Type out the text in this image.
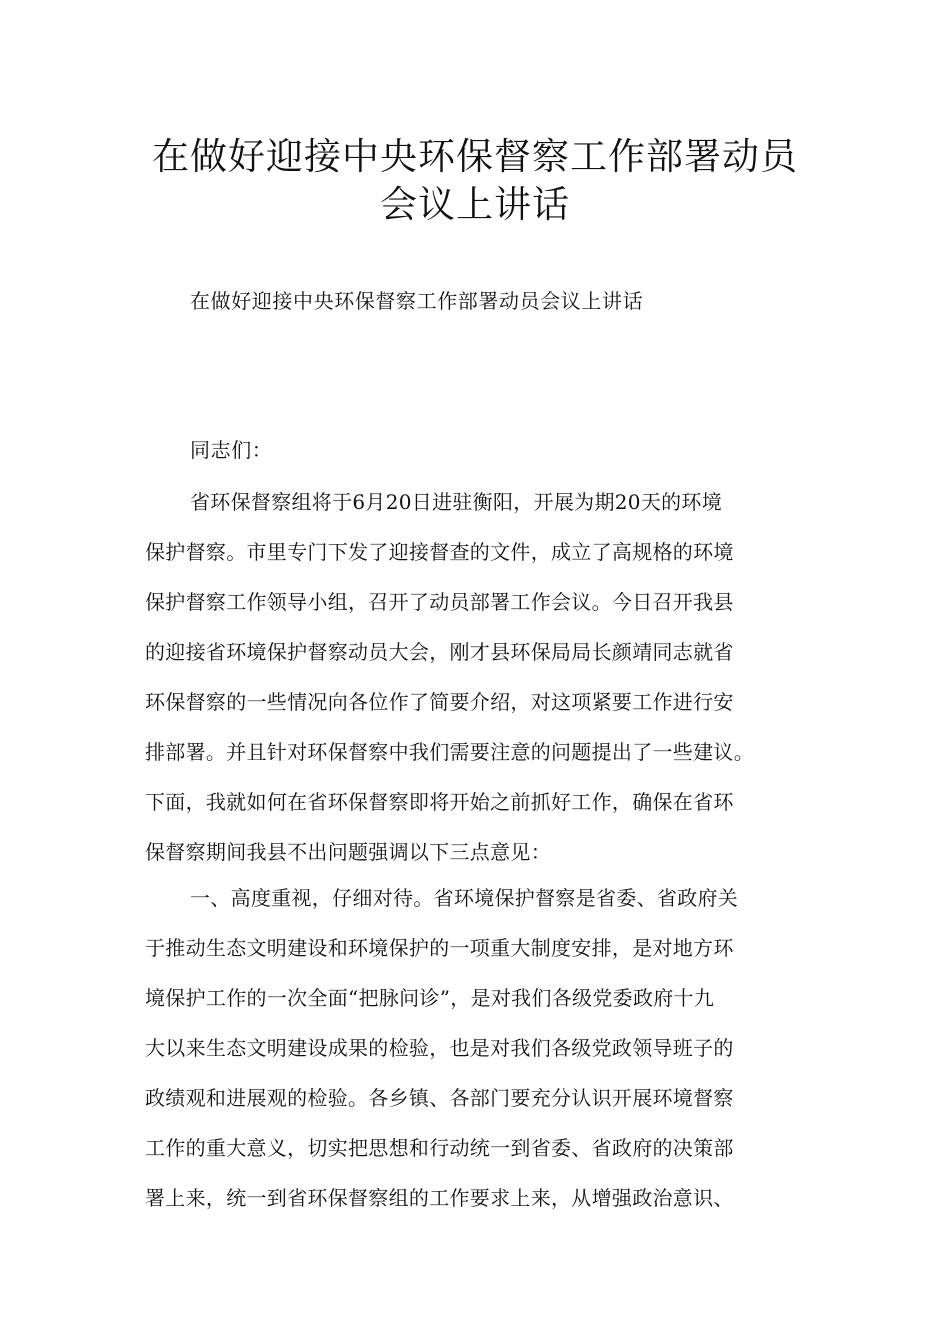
在做好迎接中央环保督察工作部署动员
会议上讲话

在做好迎接中央环保督察工作部署动员会议上讲话

同志们：

省环保督察组将于6月20日进驻衡阳，开展为期20天的环境
保护督察。市里专门下发了迎接督查的文件，成立了高规格的环境
保护督察工作领导小组，召开了动员部署工作会议。今日召开我县
的迎接省环境保护督察动员大会，刚才县环保局局长颜靖同志就省
环保督察的一些情况向各位作了简要介绍，对这项紧要工作进行安
排部署。并且针对环保督察中我们需要注意的问题提出了一些建议。
下面，我就如何在省环保督察即将开始之前抓好工作，确保在省环
保督察期间我县不出问题强调以下三点意见：
一、高度重视，仔细对待。省环境保护督察是省委、省政府关
于推动生态文明建设和环境保护的一项重大制度安排，是对地方环
境保护工作的一次全面“把脉问诊”，是对我们各级党委政府十九
大以来生态文明建设成果的检验，也是对我们各级党政领导班子的
政绩观和进展观的检验。各乡镇、各部门要充分认识开展环境督察
工作的重大意义，切实把思想和行动统一到省委、省政府的决策部
署上来，统一到省环保督察组的工作要求上来，从增强政治意识、
